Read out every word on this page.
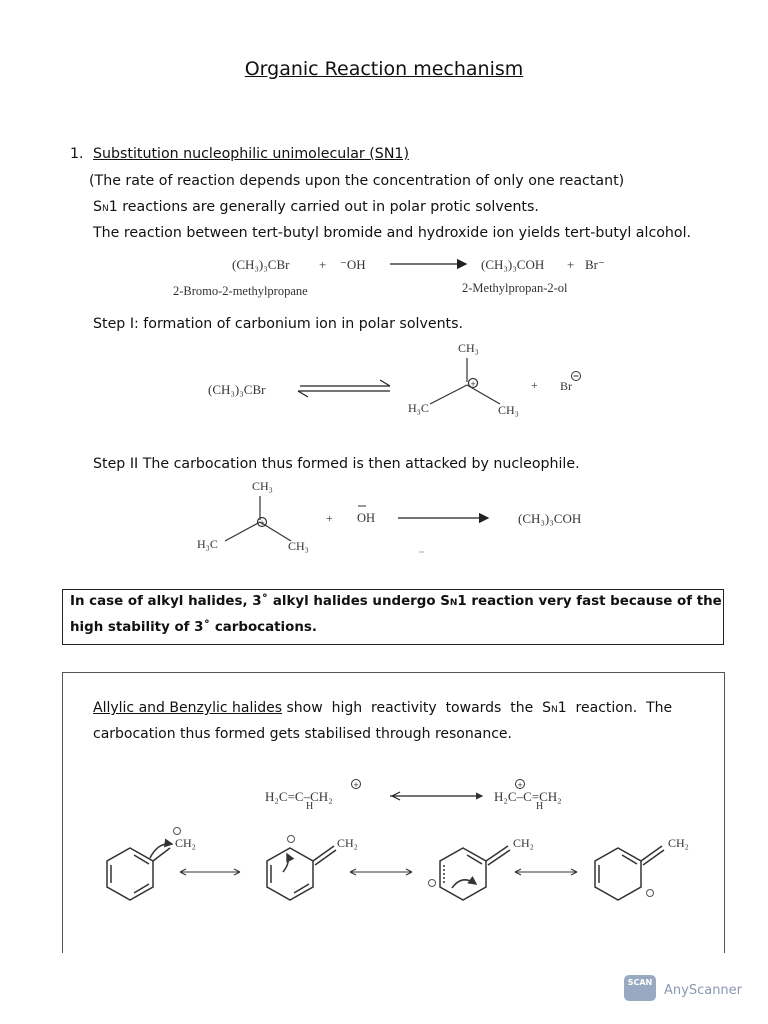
Organic Reaction mechanism
1. Substitution nucleophilic unimolecular (SN1)
(The rate of reaction depends upon the concentration of only one reactant)
SN1 reactions are generally carried out in polar protic solvents.
The reaction between tert-butyl bromide and hydroxide ion yields tert-butyl alcohol.
(CH₃)₃CBr + ⁻OH	(CH₃)₃COH + Br⁻
2-Bromo-2-methylpropane	2-Methylpropan-2-ol
Step I: formation of carbonium ion in polar solvents.
CH₃
(CH₃)₃CBr
H₃C	CH₃
+ Br
Step II The carbocation thus formed is then attacked by nucleophile.
CH₃
H₃C	CH₃
+ OH	(CH₃)₃COH
In case of alkyl halides, 3˚ alkyl halides undergo SN1 reaction very fast because of the
high stability of 3˚ carbocations.
Allylic and Benzylic halides show  high  reactivity  towards  the  SN1  reaction.  The
carbocation thus formed gets stabilised through resonance.
H₂C=C–CH₂
H
H₂C–C=CH₂
H
CH₂	CH₂	CH₂	CH₂
+
+
+	+
SCAN
AnyScanner
